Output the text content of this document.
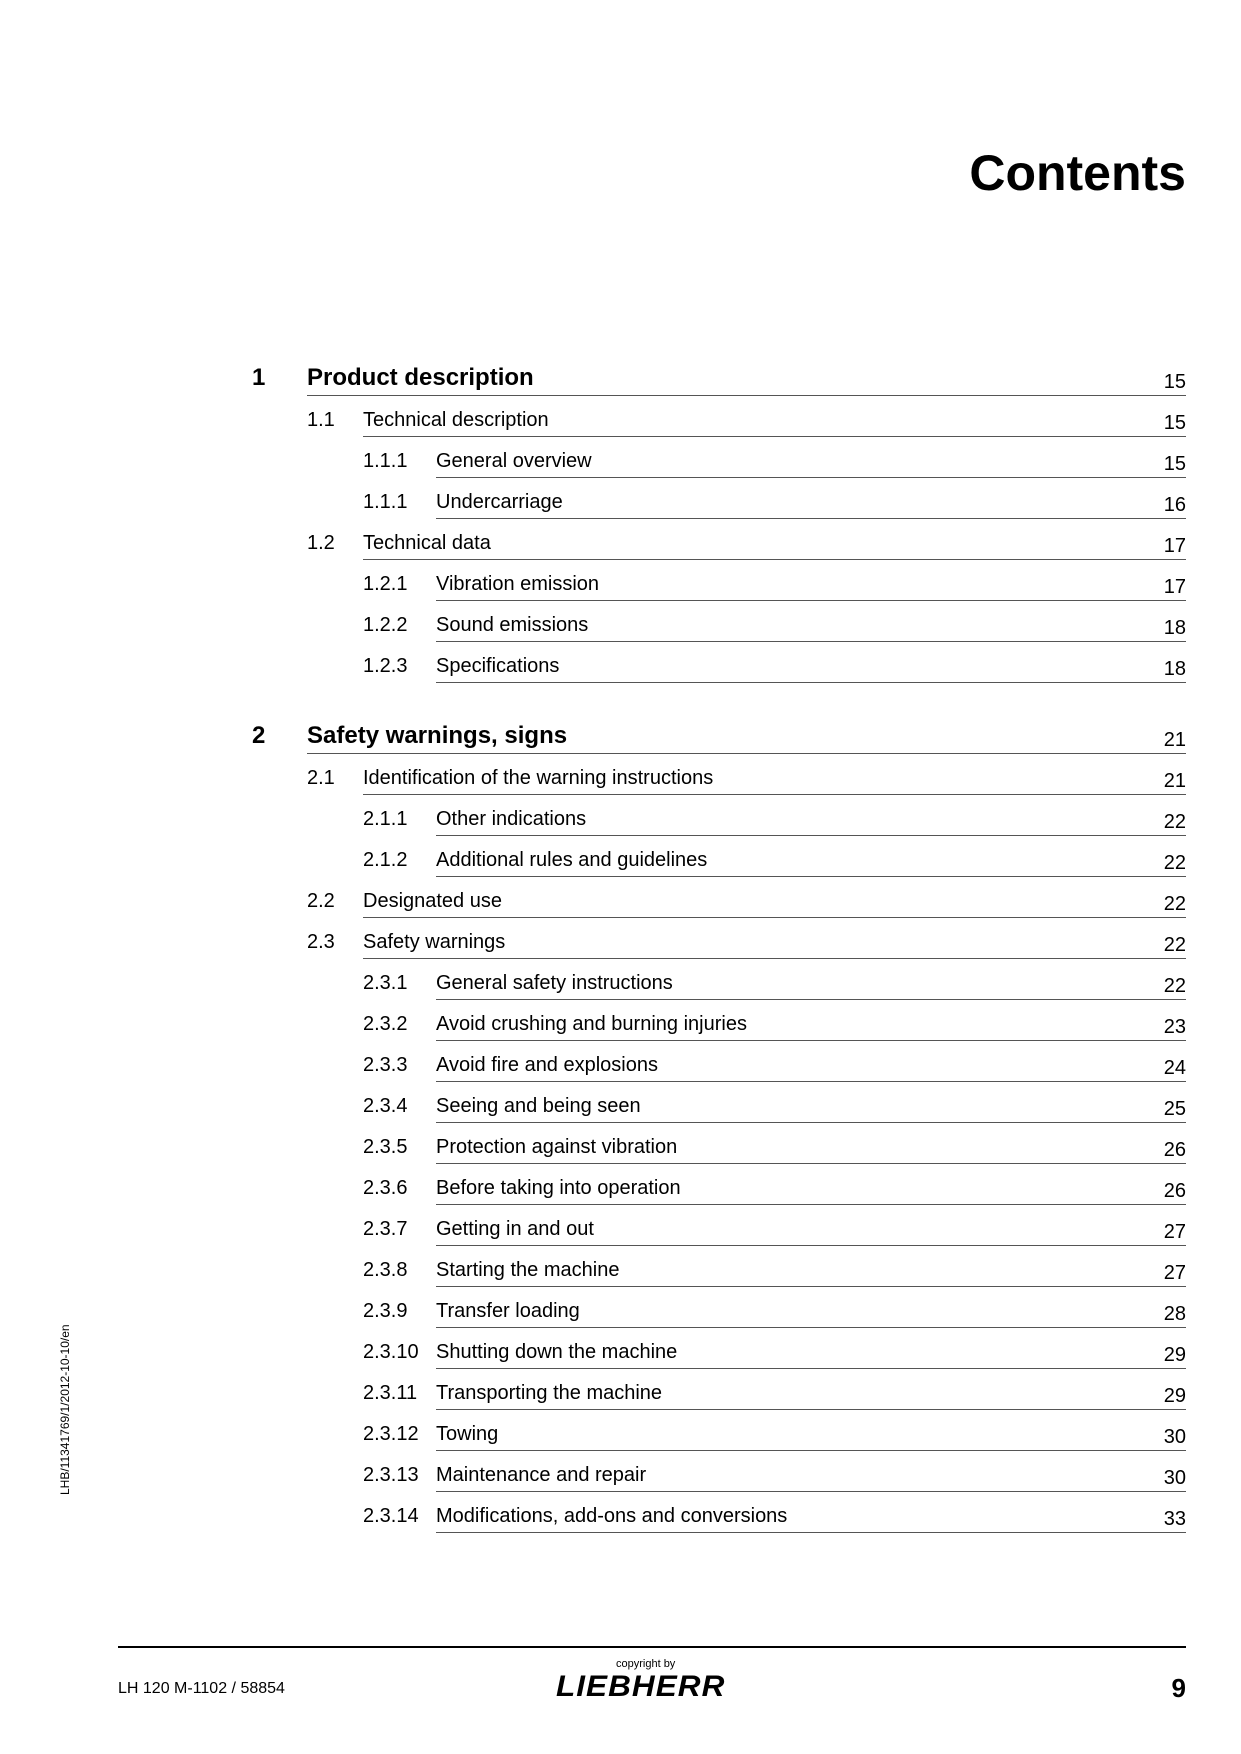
Contents
1 Product description	15
1.1 Technical description	15
1.1.1 General overview	15
1.1.1 Undercarriage	16
1.2 Technical data	17
1.2.1 Vibration emission	17
1.2.2 Sound emissions	18
1.2.3 Specifications	18
2 Safety warnings, signs	21
2.1 Identification of the warning instructions	21
2.1.1 Other indications	22
2.1.2 Additional rules and guidelines	22
2.2 Designated use	22
2.3 Safety warnings	22
2.3.1 General safety instructions	22
2.3.2 Avoid crushing and burning injuries	23
2.3.3 Avoid fire and explosions	24
2.3.4 Seeing and being seen	25
2.3.5 Protection against vibration	26
2.3.6 Before taking into operation	26
2.3.7 Getting in and out	27
2.3.8 Starting the machine	27
2.3.9 Transfer loading	28
2.3.10 Shutting down the machine	29
2.3.11 Transporting the machine	29
2.3.12 Towing	30
2.3.13 Maintenance and repair	30
2.3.14 Modifications, add-ons and conversions	33
LHB/11341769/1/2012-10-10/en
LH 120 M-1102 / 58854
copyright by
LIEBHERR	9
